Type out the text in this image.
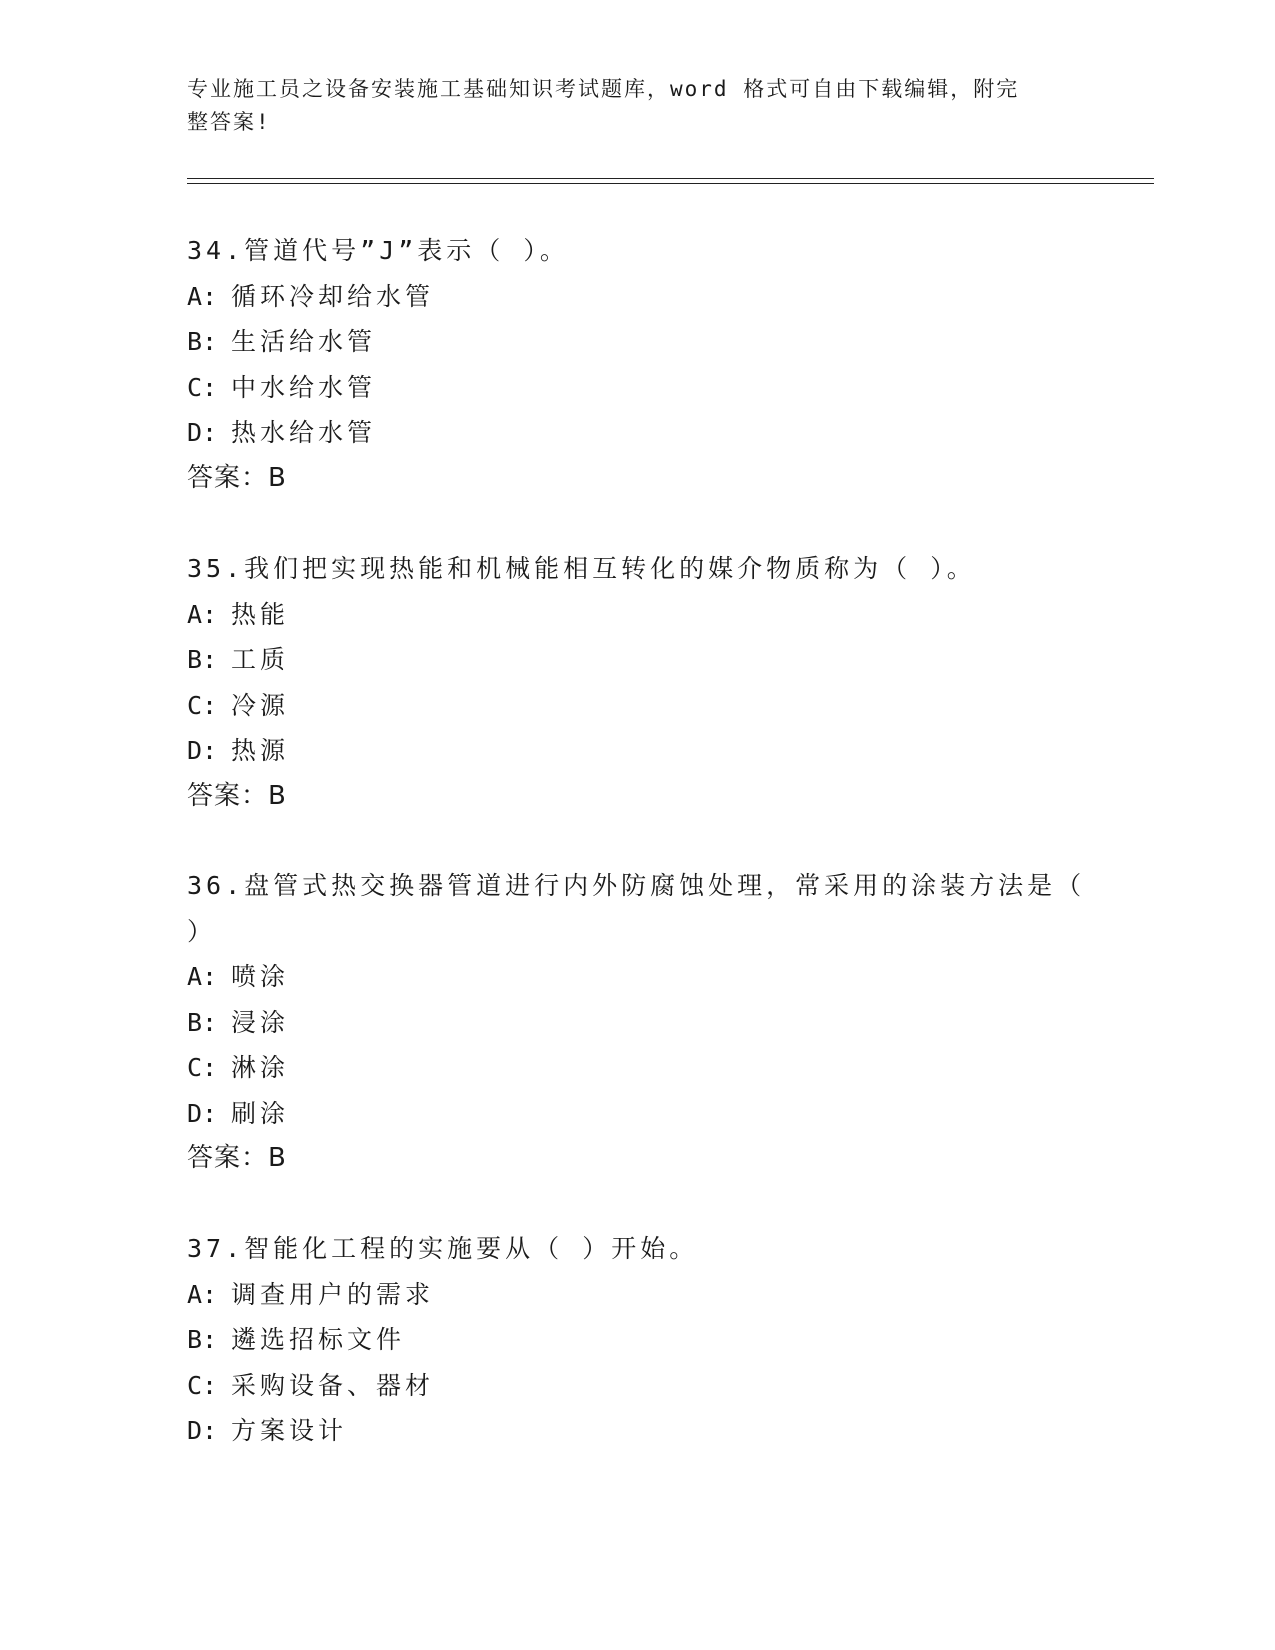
专业施工员之设备安装施工基础知识考试题库，word 格式可自由下载编辑，附完
整答案!
34.管道代号”J”表示（ ）。
A: 循环冷却给水管
B: 生活给水管
C: 中水给水管
D: 热水给水管
答案：B
35.我们把实现热能和机械能相互转化的媒介物质称为（ ）。
A: 热能
B: 工质
C: 冷源
D: 热源
答案：B
36.盘管式热交换器管道进行内外防腐蚀处理，常采用的涂装方法是（
）
A: 喷涂
B: 浸涂
C: 淋涂
D: 刷涂
答案：B
37.智能化工程的实施要从（ ）开始。
A: 调查用户的需求
B: 遴选招标文件
C: 采购设备、器材
D: 方案设计
